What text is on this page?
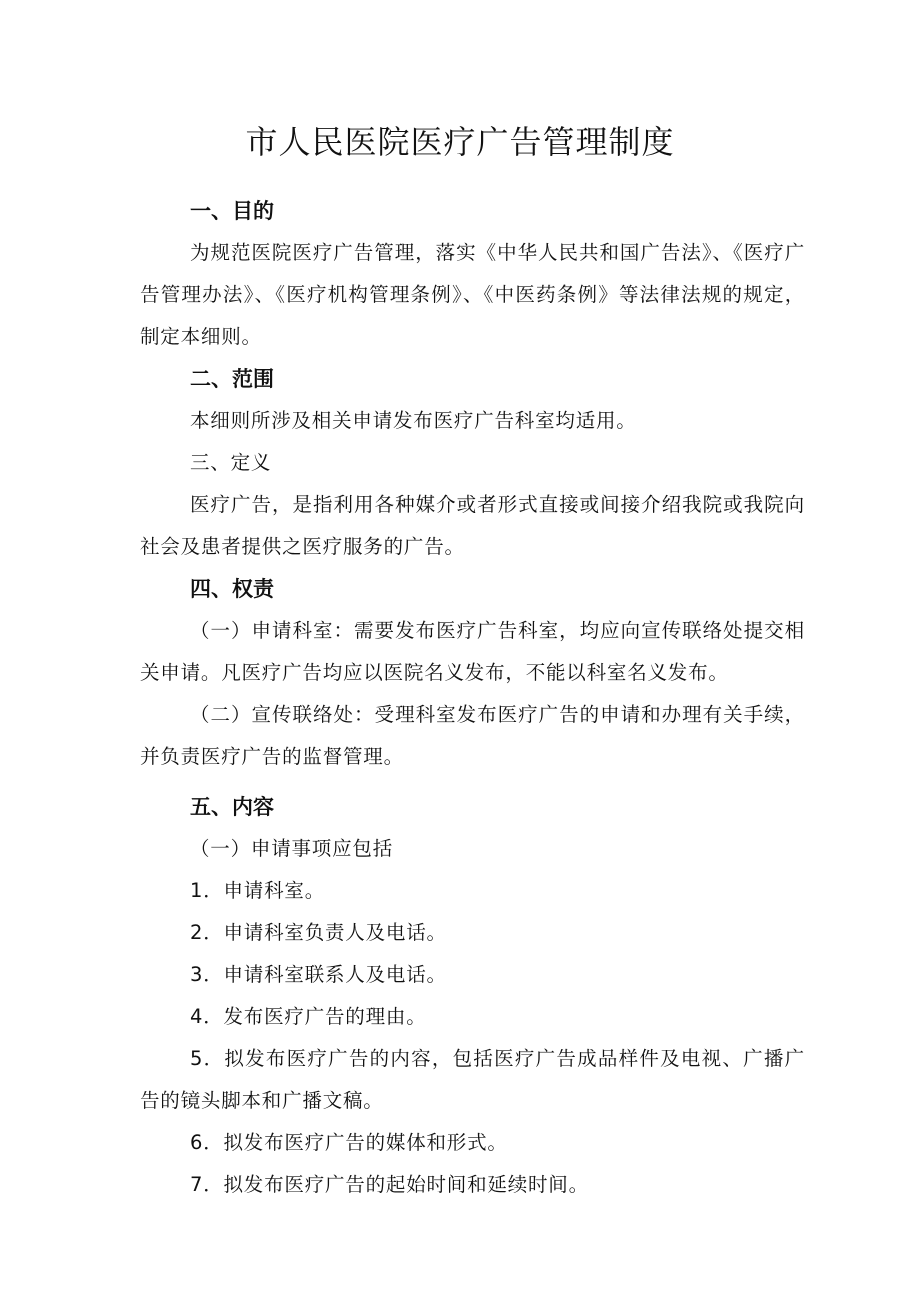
市人民医院医疗广告管理制度

一、目的

为规范医院医疗广告管理，落实《中华人民共和国广告法》、《医疗广告管理办法》、《医疗机构管理条例》、《中医药条例》等法律法规的规定，制定本细则。

二、范围

本细则所涉及相关申请发布医疗广告科室均适用。

三、定义

医疗广告，是指利用各种媒介或者形式直接或间接介绍我院或我院向社会及患者提供之医疗服务的广告。

四、权责

（一）申请科室：需要发布医疗广告科室，均应向宣传联络处提交相关申请。凡医疗广告均应以医院名义发布，不能以科室名义发布。

（二）宣传联络处：受理科室发布医疗广告的申请和办理有关手续，并负责医疗广告的监督管理。

五、内容

（一）申请事项应包括

1．申请科室。

2．申请科室负责人及电话。

3．申请科室联系人及电话。

4．发布医疗广告的理由。

5．拟发布医疗广告的内容，包括医疗广告成品样件及电视、广播广告的镜头脚本和广播文稿。

6．拟发布医疗广告的媒体和形式。

7．拟发布医疗广告的起始时间和延续时间。
